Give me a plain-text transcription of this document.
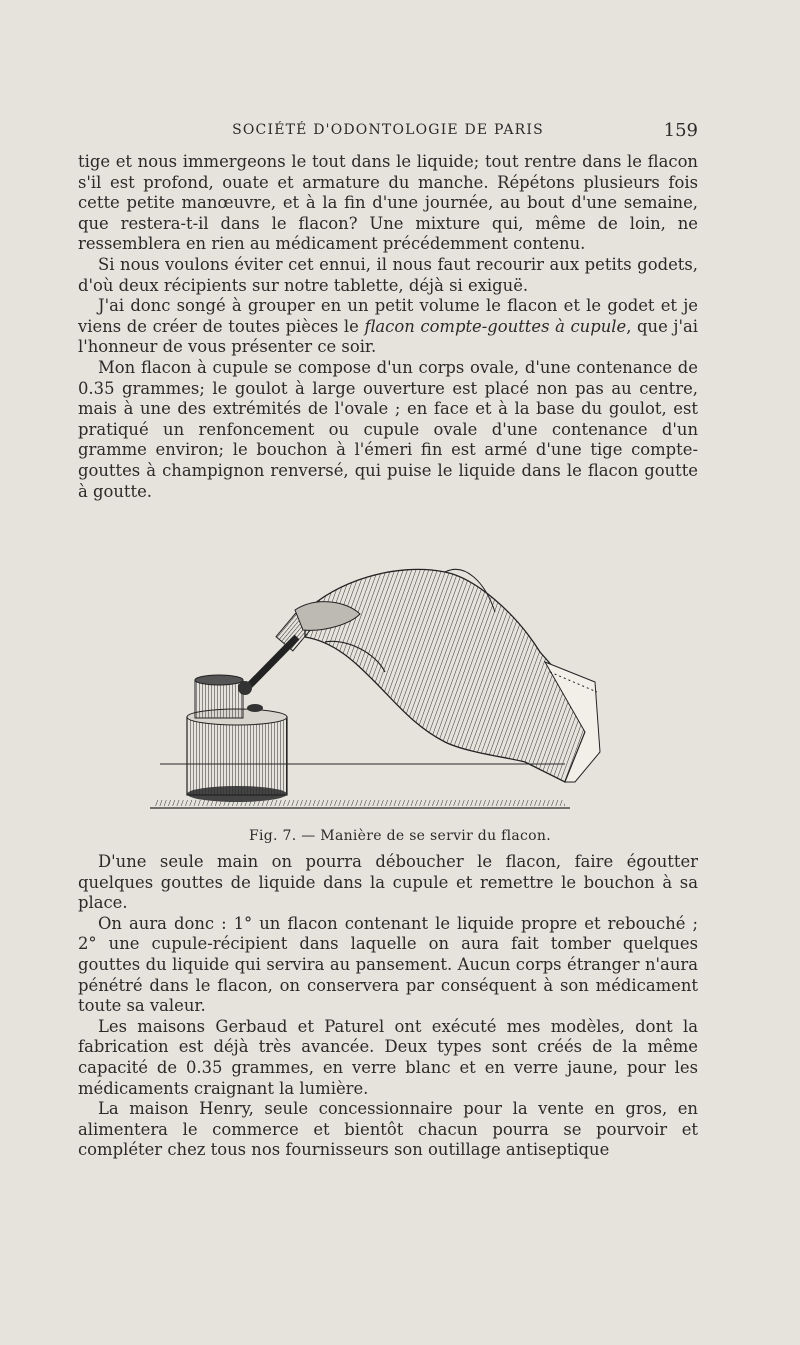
SOCIÉTÉ D'ODONTOLOGIE DE PARIS	159

tige et nous immergeons le tout dans le liquide; tout rentre dans le flacon s'il est profond, ouate et armature du manche. Répétons plusieurs fois cette petite manœuvre, et à la fin d'une journée, au bout d'une semaine, que restera-t-il dans le flacon? Une mixture qui, même de loin, ne ressemblera en rien au médicament précédemment contenu.

Si nous voulons éviter cet ennui, il nous faut recourir aux petits godets, d'où deux récipients sur notre tablette, déjà si exiguë.

J'ai donc songé à grouper en un petit volume le flacon et le godet et je viens de créer de toutes pièces le flacon compte-gouttes à cupule, que j'ai l'honneur de vous présenter ce soir.

Mon flacon à cupule se compose d'un corps ovale, d'une contenance de 0.35 grammes; le goulot à large ouverture est placé non pas au centre, mais à une des extrémités de l'ovale ; en face et à la base du goulot, est pratiqué un renfoncement ou cupule ovale d'une contenance d'un gramme environ; le bouchon à l'émeri fin est armé d'une tige compte-gouttes à champignon renversé, qui puise le liquide dans le flacon goutte à goutte.

Fig. 7. — Manière de se servir du flacon.

D'une seule main on pourra déboucher le flacon, faire égoutter quelques gouttes de liquide dans la cupule et remettre le bouchon à sa place.

On aura donc : 1° un flacon contenant le liquide propre et rebouché ; 2° une cupule-récipient dans laquelle on aura fait tomber quelques gouttes du liquide qui servira au pansement. Aucun corps étranger n'aura pénétré dans le flacon, on conservera par conséquent à son médicament toute sa valeur.

Les maisons Gerbaud et Paturel ont exécuté mes modèles, dont la fabrication est déjà très avancée. Deux types sont créés de la même capacité de 0.35 grammes, en verre blanc et en verre jaune, pour les médicaments craignant la lumière.

La maison Henry, seule concessionnaire pour la vente en gros, en alimentera le commerce et bientôt chacun pourra se pourvoir et compléter chez tous nos fournisseurs son outillage antiseptique
